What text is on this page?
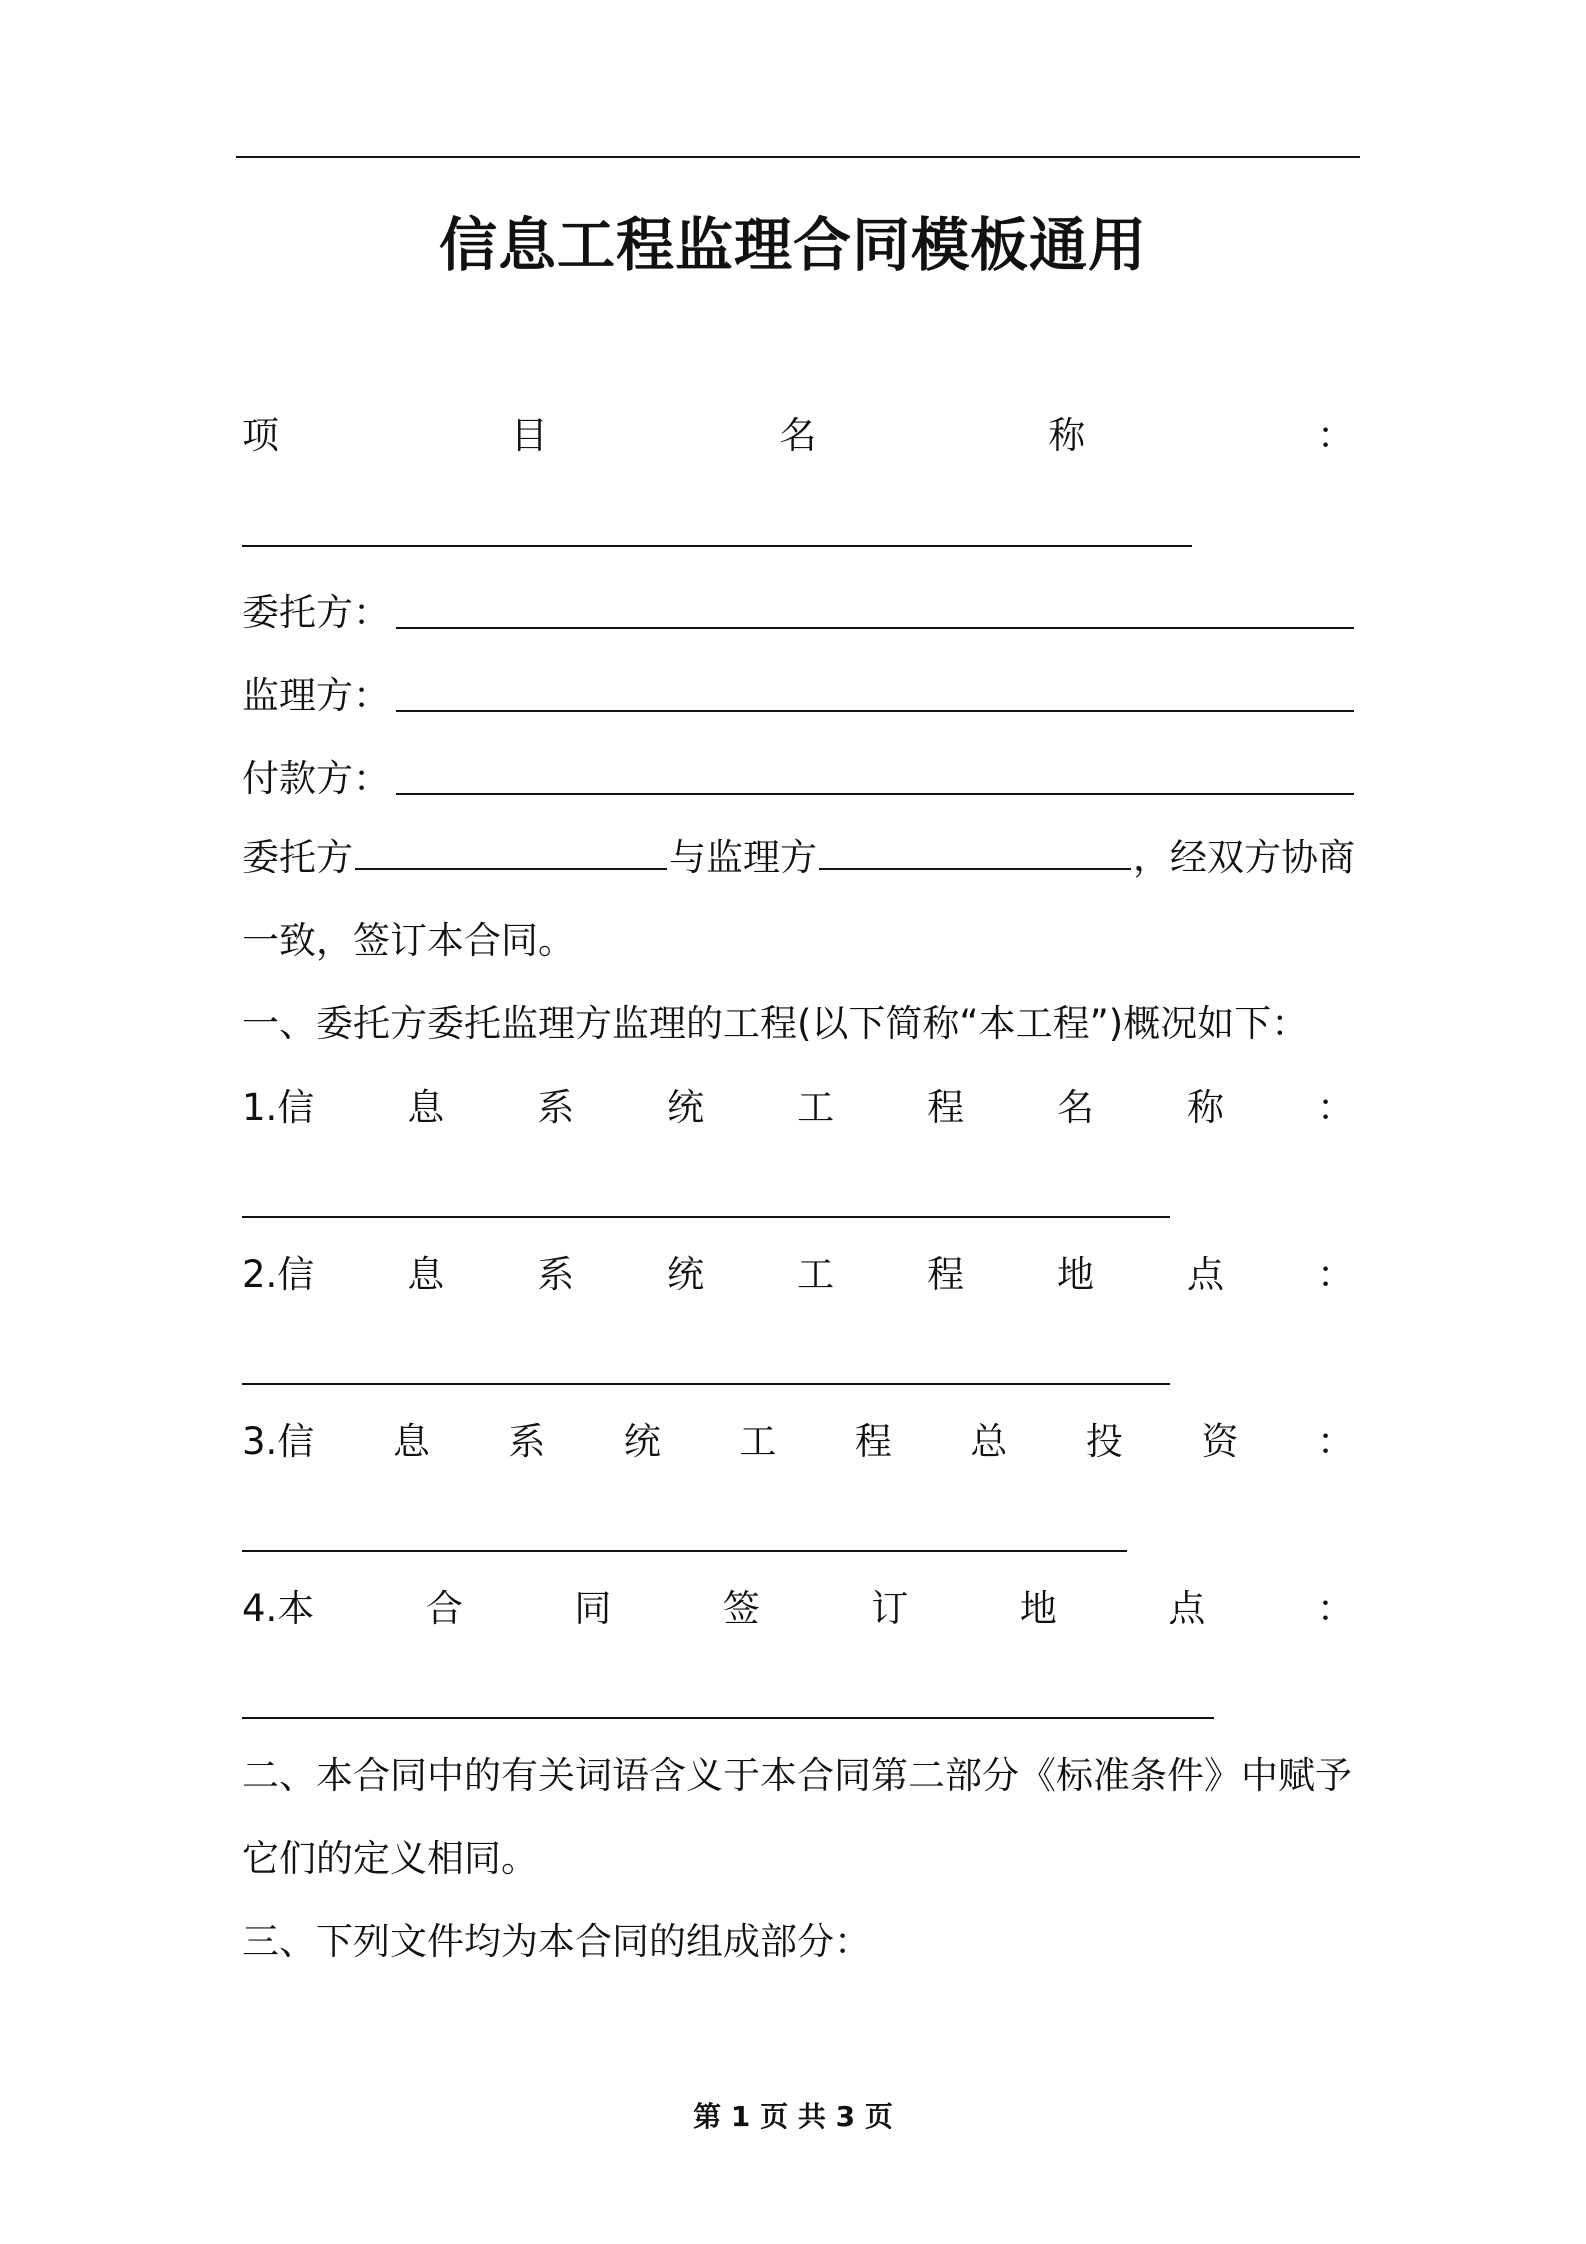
信息工程监理合同模板通用
项	目	名	称	：
委托方：
监理方：
付款方：
委托方	与监理方	，经双方协商
一致，签订本合同。
一、委托方委托监理方监理的工程(以下简称“本工程”)概况如下：
1.信	息	系	统	工	程	名	称	：
2.信	息	系	统	工	程	地	点	：
3.信 息 系 统 工 程 总 投 资 ：
4.本	合	同	签	订	地	点	：
二、本合同中的有关词语含义于本合同第二部分《标准条件》中赋予
它们的定义相同。
三、下列文件均为本合同的组成部分：
第 1 页 共 3 页
